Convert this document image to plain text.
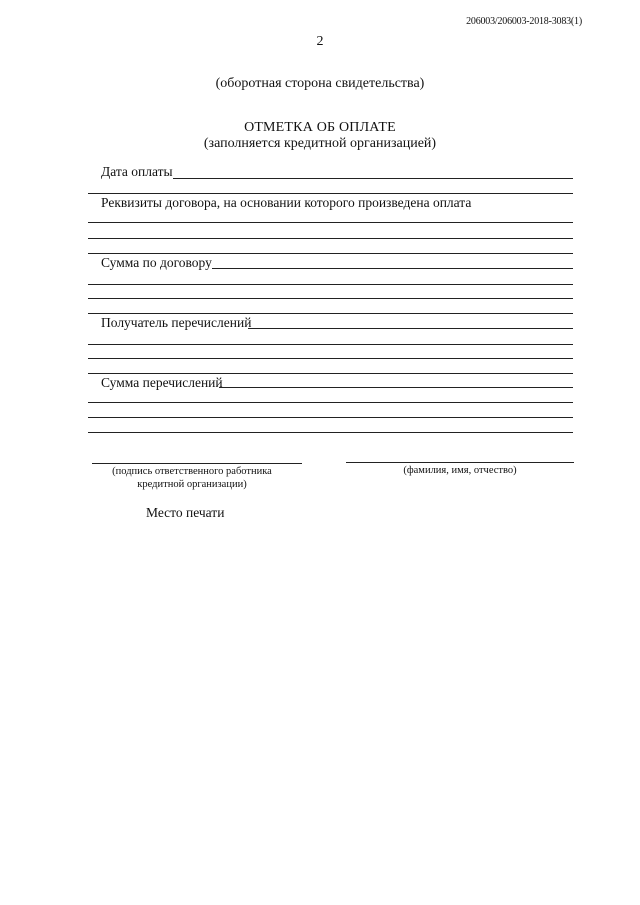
206003/206003-2018-3083(1)
2
(оборотная сторона свидетельства)
ОТМЕТКА ОБ ОПЛАТЕ
(заполняется кредитной организацией)
Дата оплаты
Реквизиты договора, на основании которого произведена оплата
Сумма по договору
Получатель перечислений
Сумма перечислений
(подпись ответственного работника
кредитной организации)
(фамилия, имя, отчество)
Место печати
